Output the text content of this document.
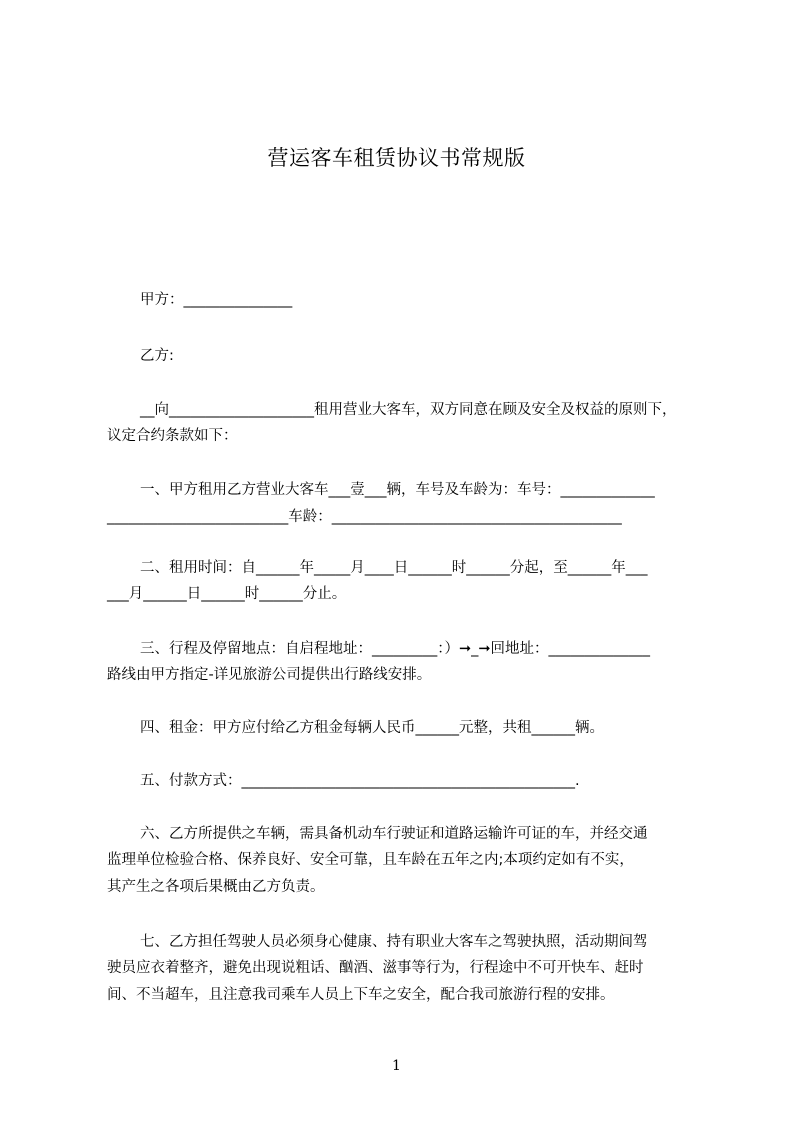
营运客车租赁协议书常规版

甲方：_______________

乙方:

__向____________________租用营业大客车，双方同意在顾及安全及权益的原则下，

议定合约条款如下：

一、甲方租用乙方营业大客车___壹___辆，车号及车龄为：车号：_____________

_________________________车龄：________________________________________

二、租用时间：自______年_____月____日______时______分起，至______年___

___月______日______时______分止。

三、行程及停留地点：自启程地址：_________：）➞_➞回地址：______________

路线由甲方指定-详见旅游公司提供出行路线安排。

四、租金：甲方应付给乙方租金每辆人民币______元整，共租______辆。

五、付款方式：______________________________________________.

六、乙方所提供之车辆，需具备机动车行驶证和道路运输许可证的车，并经交通

监理单位检验合格、保养良好、安全可靠，且车龄在五年之内;本项约定如有不实，

其产生之各项后果概由乙方负责。

七、乙方担任驾驶人员必须身心健康、持有职业大客车之驾驶执照，活动期间驾

驶员应衣着整齐，避免出现说粗话、酗酒、滋事等行为，行程途中不可开快车、赶时

间、不当超车，且注意我司乘车人员上下车之安全，配合我司旅游行程的安排。

1
